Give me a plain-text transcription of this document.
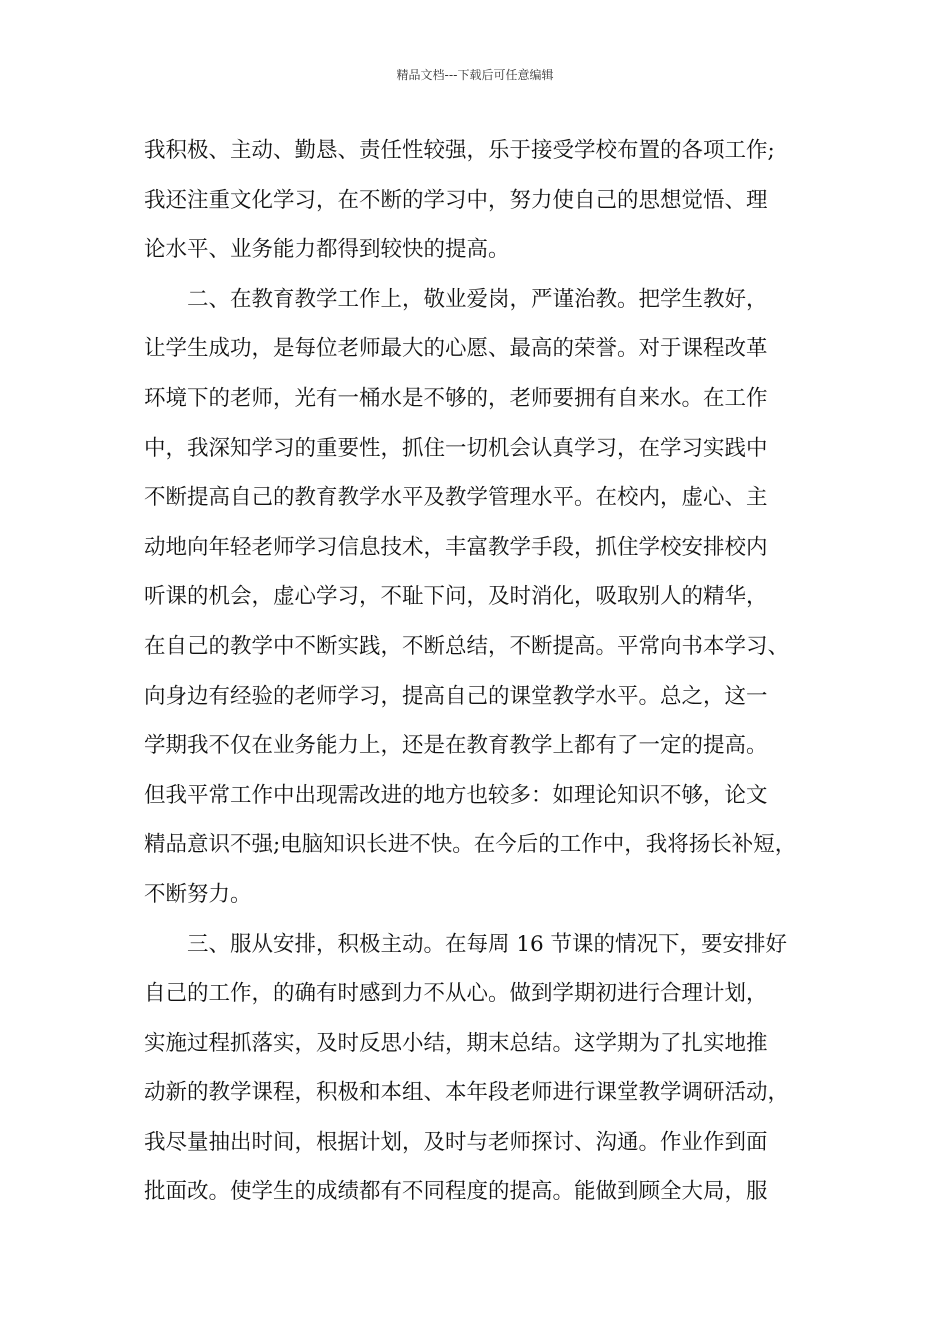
精品文档---下载后可任意编辑
我积极、主动、勤恳、责任性较强，乐于接受学校布置的各项工作;
我还注重文化学习，在不断的学习中，努力使自己的思想觉悟、理
论水平、业务能力都得到较快的提高。
　　二、在教育教学工作上，敬业爱岗，严谨治教。把学生教好，
让学生成功，是每位老师最大的心愿、最高的荣誉。对于课程改革
环境下的老师，光有一桶水是不够的，老师要拥有自来水。在工作
中，我深知学习的重要性，抓住一切机会认真学习，在学习实践中
不断提高自己的教育教学水平及教学管理水平。在校内，虚心、主
动地向年轻老师学习信息技术，丰富教学手段，抓住学校安排校内
听课的机会，虚心学习，不耻下问，及时消化，吸取别人的精华，
在自己的教学中不断实践，不断总结，不断提高。平常向书本学习、
向身边有经验的老师学习，提高自己的课堂教学水平。总之，这一
学期我不仅在业务能力上，还是在教育教学上都有了一定的提高。
但我平常工作中出现需改进的地方也较多：如理论知识不够，论文
精品意识不强;电脑知识长进不快。在今后的工作中，我将扬长补短，
不断努力。
　　三、服从安排，积极主动。在每周 16 节课的情况下，要安排好
自己的工作，的确有时感到力不从心。做到学期初进行合理计划，
实施过程抓落实，及时反思小结，期末总结。这学期为了扎实地推
动新的教学课程，积极和本组、本年段老师进行课堂教学调研活动，
我尽量抽出时间，根据计划，及时与老师探讨、沟通。作业作到面
批面改。使学生的成绩都有不同程度的提高。能做到顾全大局，服
